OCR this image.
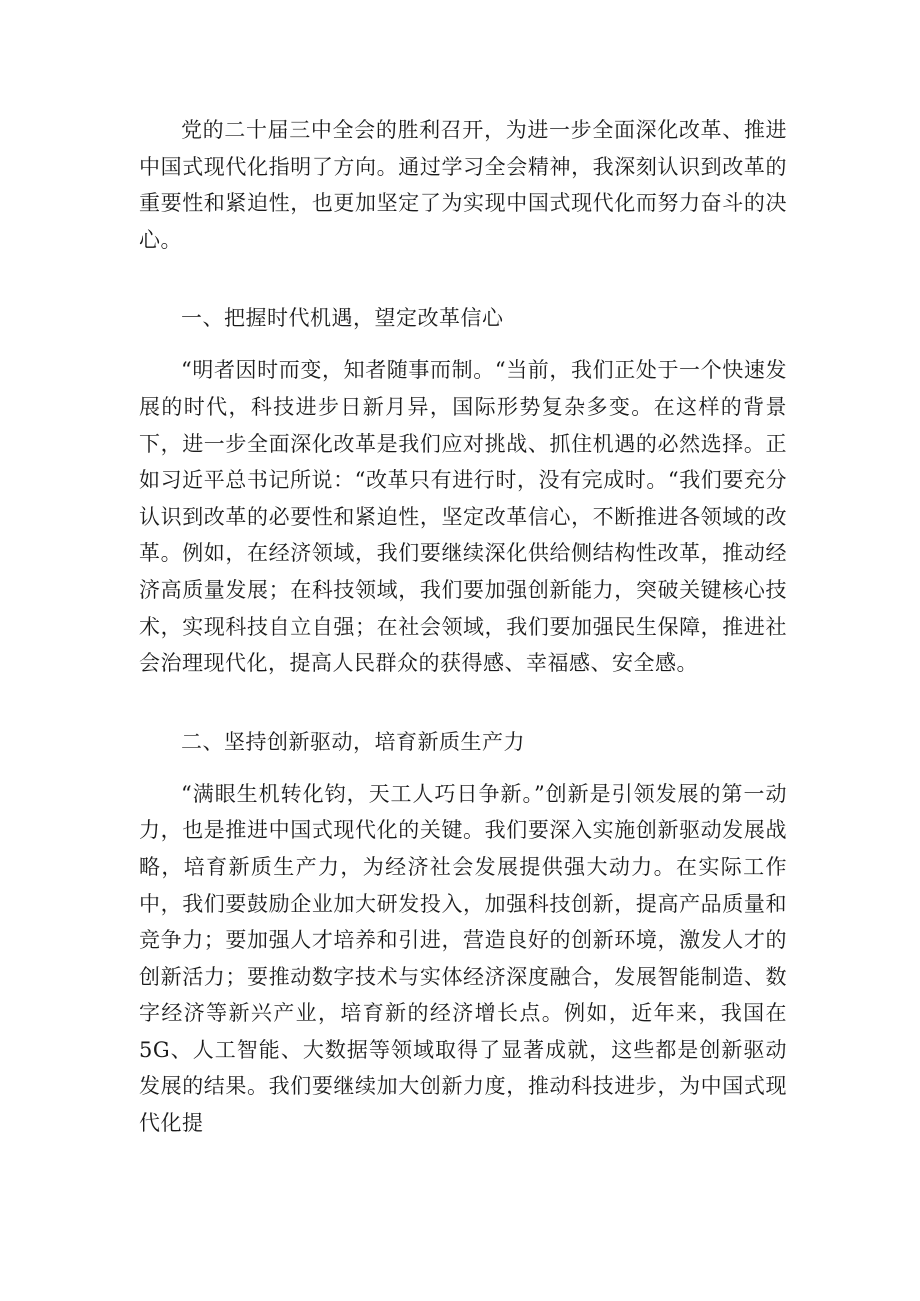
党的二十届三中全会的胜利召开，为进一步全面深化改革、推进中国式现代化指明了方向。通过学习全会精神，我深刻认识到改革的重要性和紧迫性，也更加坚定了为实现中国式现代化而努力奋斗的决心。

一、把握时代机遇，望定改革信心

“明者因时而变，知者随事而制。“当前，我们正处于一个快速发展的时代，科技进步日新月异，国际形势复杂多变。在这样的背景下，进一步全面深化改革是我们应对挑战、抓住机遇的必然选择。正如习近平总书记所说：“改革只有进行时，没有完成时。“我们要充分认识到改革的必要性和紧迫性，坚定改革信心，不断推进各领域的改革。例如，在经济领域，我们要继续深化供给侧结构性改革，推动经济高质量发展；在科技领域，我们要加强创新能力，突破关键核心技术，实现科技自立自强；在社会领域，我们要加强民生保障，推进社会治理现代化，提高人民群众的获得感、幸福感、安全感。

二、坚持创新驱动，培育新质生产力

“满眼生机转化钧，天工人巧日争新。”创新是引领发展的第一动力，也是推进中国式现代化的关键。我们要深入实施创新驱动发展战略，培育新质生产力，为经济社会发展提供强大动力。在实际工作中，我们要鼓励企业加大研发投入，加强科技创新，提高产品质量和竞争力；要加强人才培养和引进，营造良好的创新环境，激发人才的创新活力；要推动数字技术与实体经济深度融合，发展智能制造、数字经济等新兴产业，培育新的经济增长点。例如，近年来，我国在5G、人工智能、大数据等领域取得了显著成就，这些都是创新驱动发展的结果。我们要继续加大创新力度，推动科技进步，为中国式现代化提
